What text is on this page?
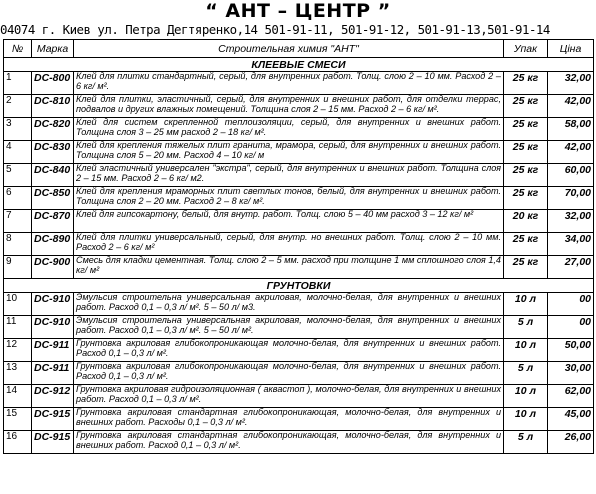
“ АНТ – ЦЕНТР ”
04074 г. Киев ул. Петра Дегтяренко,14 501-91-11, 501-91-12, 501-91-13,501-91-14
№	Марка	Строительная химия "АНТ"	Упак	Ціна
КЛЕЕВЫЕ СМЕСИ				
1	DC-800	Клей для плитки стандартный, серый, для внутренних работ. Толщ. слою 2 – 10 мм. Расход 2 – 6 кг/ м².	25 кг	32,00
2	DC-810	Клей для плитки, эластичный, серый, для внутренних и внешних работ, для отделки террас, подвалов и других влажных помещений. Толщина слоя 2 – 15 мм. Расход 2 – 6 кг/ м².	25 кг	42,00
3	DC-820	Клей для систем скрепленной теплоизоляции, серый, для внутренних и внешних работ. Толщина слоя 3 – 25 мм расход 2 – 18 кг/ м².	25 кг	58,00
4	DC-830	Клей для крепления тяжелых плит гранита, мрамора, серый, для внутренних и внешних работ. Толщина слоя 5 – 20 мм. Расход 4 – 10 кг/ м	25 кг	42,00
5	DC-840	Клей эластичный универсален "экстра", серый, для внутренних и внешних работ. Толщина слоя 2 – 15 мм. Расход 2 – 6 кг/ м2.	25 кг	60,00
6	DC-850	Клей для крепления мраморных плит светлых тонов, белый, для внутренних и внешних работ. Толщина слоя 2 – 20 мм. Расход 2 – 8 кг/ м².	25 кг	70,00
7	DC-870	Клей для гипсокартону, белый, для внутр. работ. Толщ. слою 5 – 40 мм расход 3 – 12 кг/ м²	20 кг	32,00
8	DC-890	Клей для плитки универсальный, серый, для внутр. но внешних работ. Толщ. слою 2 – 10 мм. Расход 2 – 6 кг/ м²	25 кг	34,00
9	DC-900	Смесь для кладки цементная. Толщ. слою 2 – 5 мм. расход при толщине 1 мм сплошного слоя 1,4 кг/ м²	25 кг	27,00
ГРУНТОВКИ				
10	DC-910	Эмульсия строительна универсальная акриловая, молочно-белая, для внутренних и внешних работ. Расход 0,1 – 0,3 л/ м². 5 – 50 л/ м3.	10 л	00
11	DC-910	Эмульсия строительна универсальная акриловая, молочно-белая, для внутренних и внешних работ. Расход 0,1 – 0,3 л/ м². 5 – 50 л/ м².	5 л	00
12	DC-911	Грунтовка акриловая глибокопроникающая молочно-белая, для внутренних и внешних работ. Расход 0,1 – 0,3 л/ м².	10 л	50,00
13	DC-911	Грунтовка акриловая глибокопроникающая молочно-белая, для внутренних и внешних работ. Расход 0,1 – 0,3 л/ м².	5 л	30,00
14	DC-912	Грунтовка акриловая гидроизоляционная ( аквастоп ), молочно-белая, для внутренних и внешних работ. Расход 0,1 – 0,3 л/ м².	10 л	62,00
15	DC-915	Грунтовка акриловая стандартная глибокопроникающая, молочно-белая, для внутренних и внешних работ. Расходы 0,1 – 0,3 л/ м².	10 л	45,00
16	DC-915	Грунтовка акриловая стандартная глибокопроникающая, молочно-белая, для внутренних и внешних работ. Расход 0,1 – 0,3 л/ м².	5 л	26,00
